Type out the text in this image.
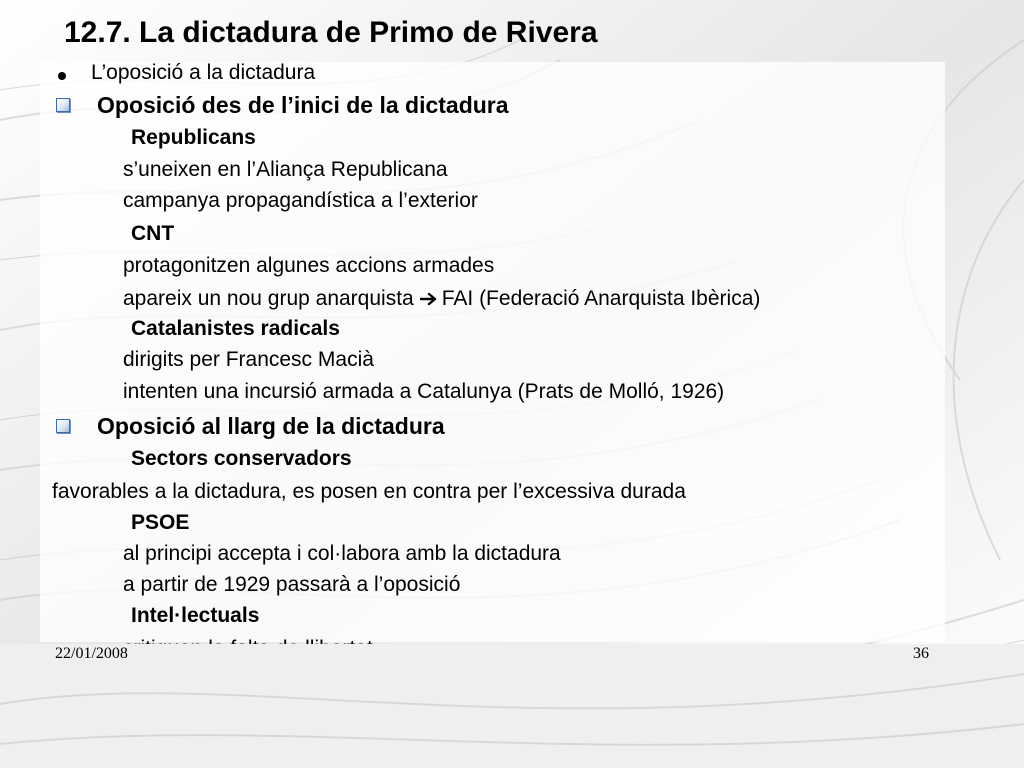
12.7. La dictadura de Primo de Rivera
L’oposició a la dictadura
Oposició des de l’inici de la dictadura
Republicans
s’uneixen en l’Aliança Republicana
campanya propagandística a l’exterior
CNT
protagonitzen algunes accions armades
apareix un nou grup anarquista FAI (Federació Anarquista Ibèrica)
Catalanistes radicals
dirigits per Francesc Macià
intenten una incursió armada a Catalunya (Prats de Molló, 1926)
Oposició al llarg de la dictadura
Sectors conservadors
favorables a la dictadura, es posen en contra per l’excessiva durada
PSOE
al principi accepta i col·labora amb la dictadura
a partir de 1929 passarà a l’oposició
Intel·lectuals
22/01/2008	36
